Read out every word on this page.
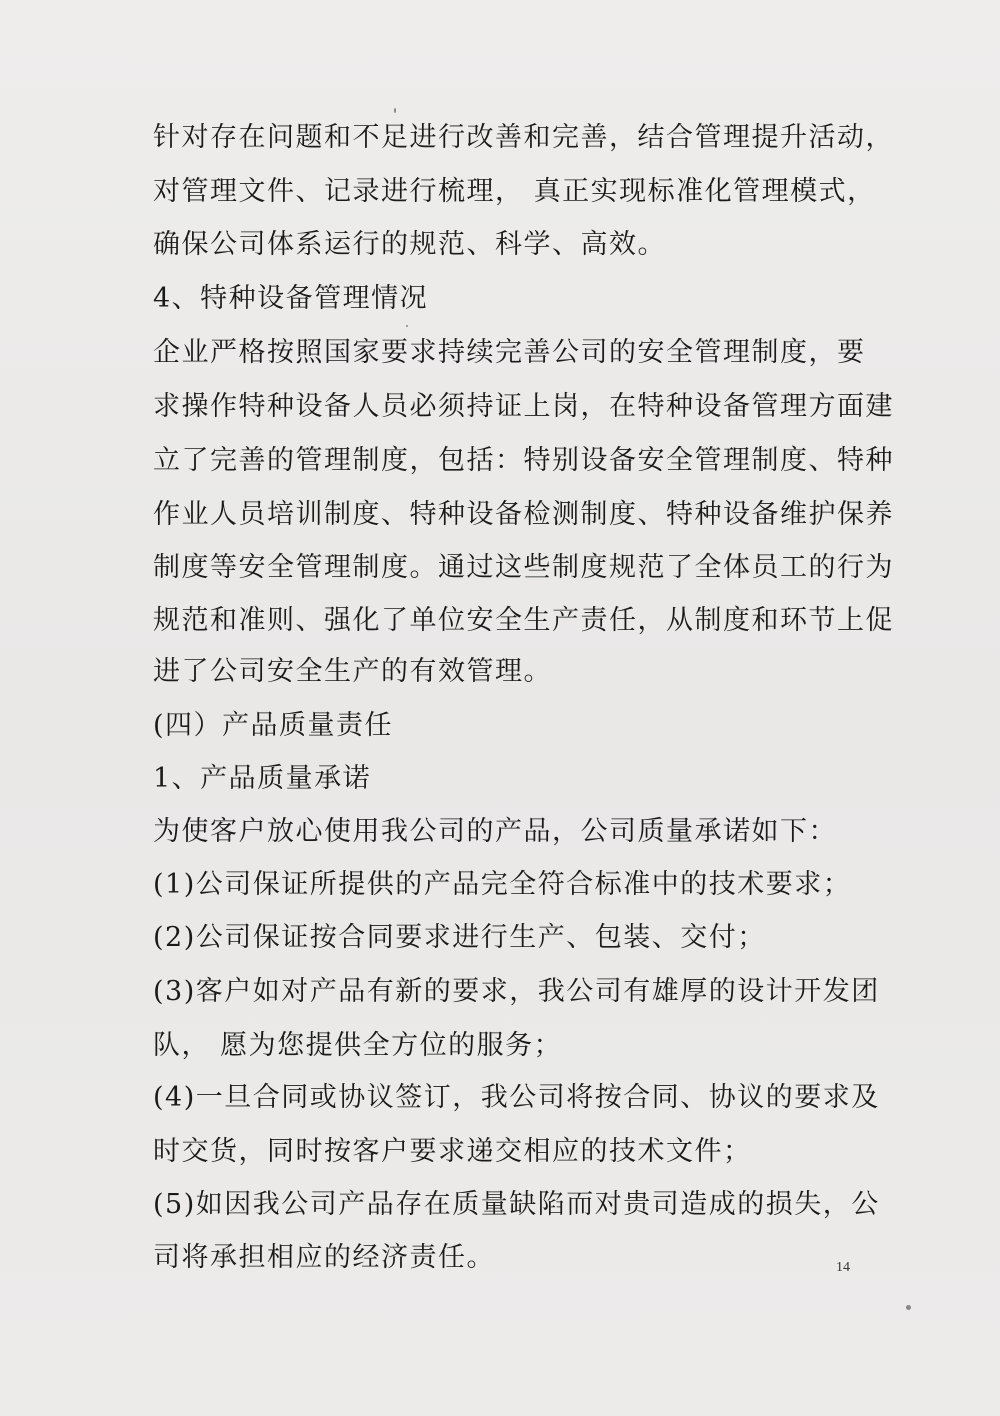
针对存在问题和不足进行改善和完善，结合管理提升活动，
对管理文件、记录进行梳理， 真正实现标准化管理模式，
确保公司体系运行的规范、科学、高效。
4、特种设备管理情况
企业严格按照国家要求持续完善公司的安全管理制度，要
求操作特种设备人员必须持证上岗，在特种设备管理方面建
立了完善的管理制度，包括：特别设备安全管理制度、特种
作业人员培训制度、特种设备检测制度、特种设备维护保养
制度等安全管理制度。通过这些制度规范了全体员工的行为
规范和准则、强化了单位安全生产责任，从制度和环节上促
进了公司安全生产的有效管理。
(四）产品质量责任
1、产品质量承诺
为使客户放心使用我公司的产品，公司质量承诺如下：
(1)公司保证所提供的产品完全符合标准中的技术要求；
(2)公司保证按合同要求进行生产、包装、交付；
(3)客户如对产品有新的要求，我公司有雄厚的设计开发团
队， 愿为您提供全方位的服务；
(4)一旦合同或协议签订，我公司将按合同、协议的要求及
时交货，同时按客户要求递交相应的技术文件；
(5)如因我公司产品存在质量缺陷而对贵司造成的损失，公
司将承担相应的经济责任。	14
